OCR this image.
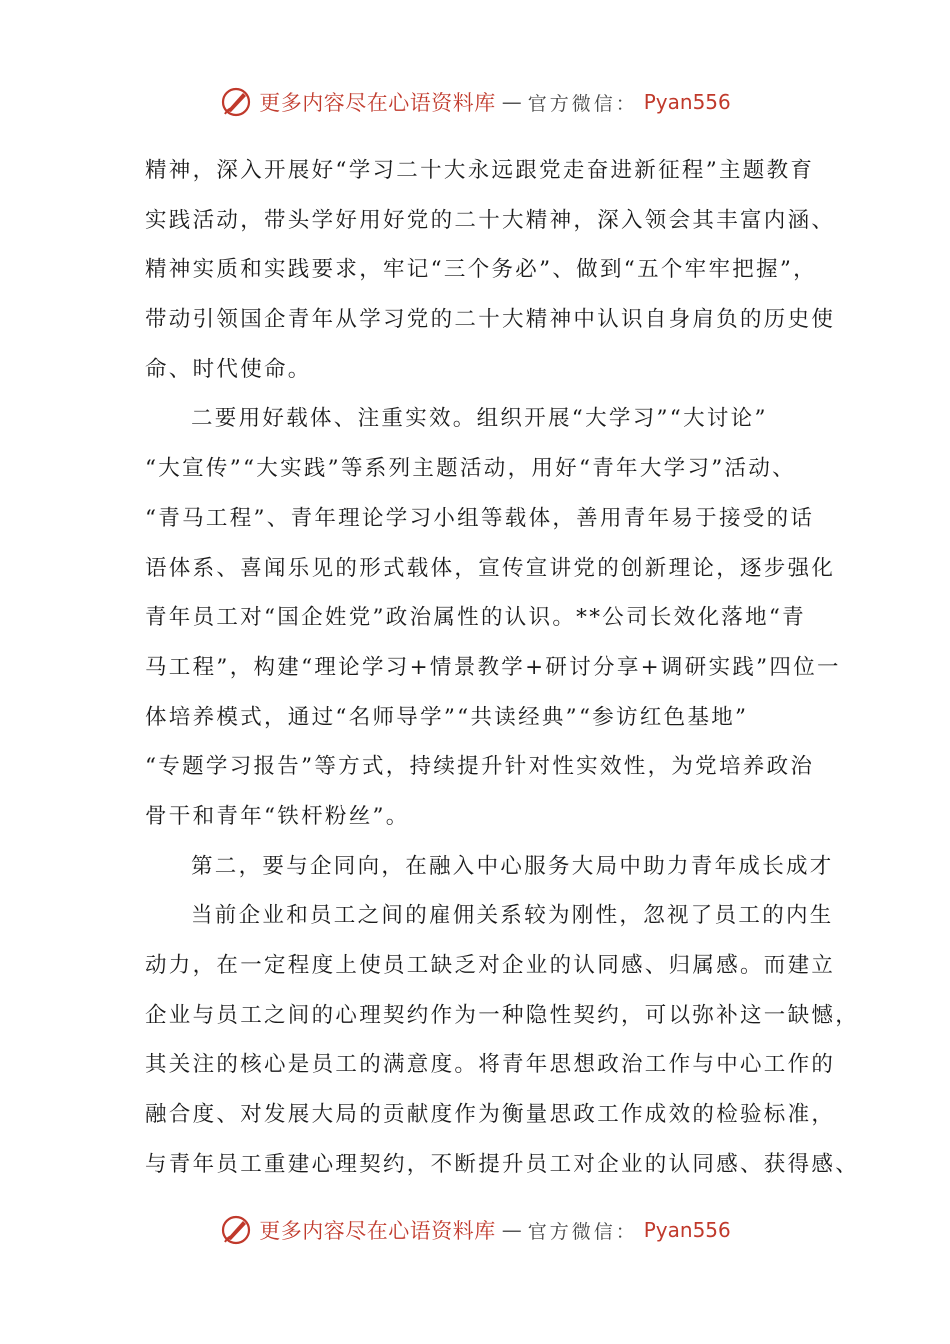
更多内容尽在心语资料库 — 官方微信： Pyan556
精神，深入开展好“学习二十大永远跟党走奋进新征程”主题教育
实践活动，带头学好用好党的二十大精神，深入领会其丰富内涵、
精神实质和实践要求，牢记“三个务必”、做到“五个牢牢把握”，
带动引领国企青年从学习党的二十大精神中认识自身肩负的历史使
命、时代使命。
二要用好载体、注重实效。组织开展“大学习”“大讨论”
“大宣传”“大实践”等系列主题活动，用好“青年大学习”活动、
“青马工程”、青年理论学习小组等载体，善用青年易于接受的话
语体系、喜闻乐见的形式载体，宣传宣讲党的创新理论，逐步强化
青年员工对“国企姓党”政治属性的认识。**公司长效化落地“青
马工程”，构建“理论学习+情景教学+研讨分享+调研实践”四位一
体培养模式，通过“名师导学”“共读经典”“参访红色基地”
“专题学习报告”等方式，持续提升针对性实效性，为党培养政治
骨干和青年“铁杆粉丝”。
第二，要与企同向，在融入中心服务大局中助力青年成长成才
当前企业和员工之间的雇佣关系较为刚性，忽视了员工的内生
动力，在一定程度上使员工缺乏对企业的认同感、归属感。而建立
企业与员工之间的心理契约作为一种隐性契约，可以弥补这一缺憾，
其关注的核心是员工的满意度。将青年思想政治工作与中心工作的
融合度、对发展大局的贡献度作为衡量思政工作成效的检验标准，
与青年员工重建心理契约，不断提升员工对企业的认同感、获得感、
更多内容尽在心语资料库 — 官方微信： Pyan556
